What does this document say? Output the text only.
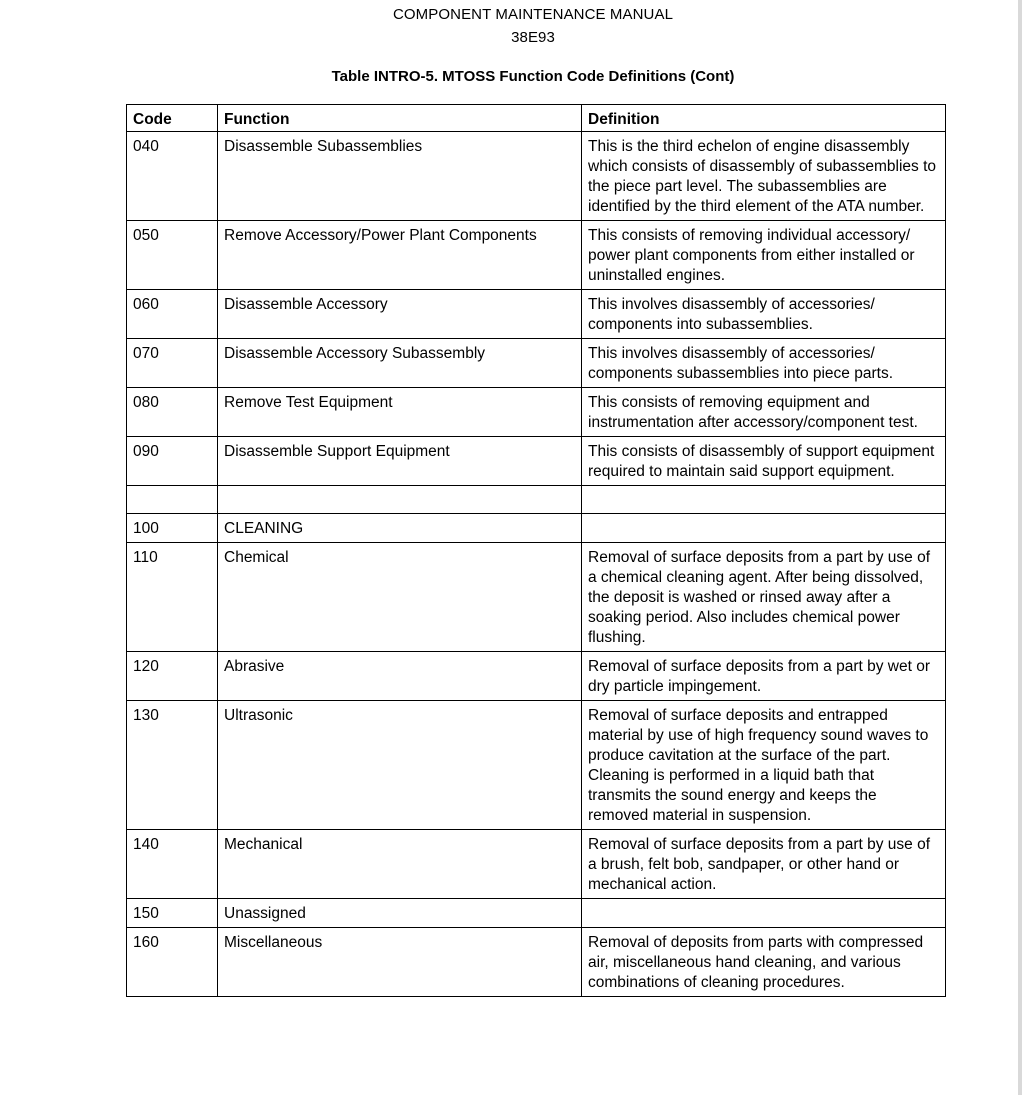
COMPONENT MAINTENANCE MANUAL
38E93
Table INTRO-5. MTOSS Function Code Definitions (Cont)
Code	Function	Definition
040	Disassemble Subassemblies	This is the third echelon of engine disassembly which consists of disassembly of subassemblies to the piece part level. The subassemblies are identified by the third element of the ATA number.
050	Remove Accessory/Power Plant Components	This consists of removing individual accessory/ power plant components from either installed or uninstalled engines.
060	Disassemble Accessory	This involves disassembly of accessories/ components into subassemblies.
070	Disassemble Accessory Subassembly	This involves disassembly of accessories/ components subassemblies into piece parts.
080	Remove Test Equipment	This consists of removing equipment and instrumentation after accessory/component test.
090	Disassemble Support Equipment	This consists of disassembly of support equipment required to maintain said support equipment.

100	CLEANING	
110	Chemical	Removal of surface deposits from a part by use of a chemical cleaning agent. After being dissolved, the deposit is washed or rinsed away after a soaking period. Also includes chemical power flushing.
120	Abrasive	Removal of surface deposits from a part by wet or dry particle impingement.
130	Ultrasonic	Removal of surface deposits and entrapped material by use of high frequency sound waves to produce cavitation at the surface of the part. Cleaning is performed in a liquid bath that transmits the sound energy and keeps the removed material in suspension.
140	Mechanical	Removal of surface deposits from a part by use of a brush, felt bob, sandpaper, or other hand or mechanical action.
150	Unassigned	
160	Miscellaneous	Removal of deposits from parts with compressed air, miscellaneous hand cleaning, and various combinations of cleaning procedures.
